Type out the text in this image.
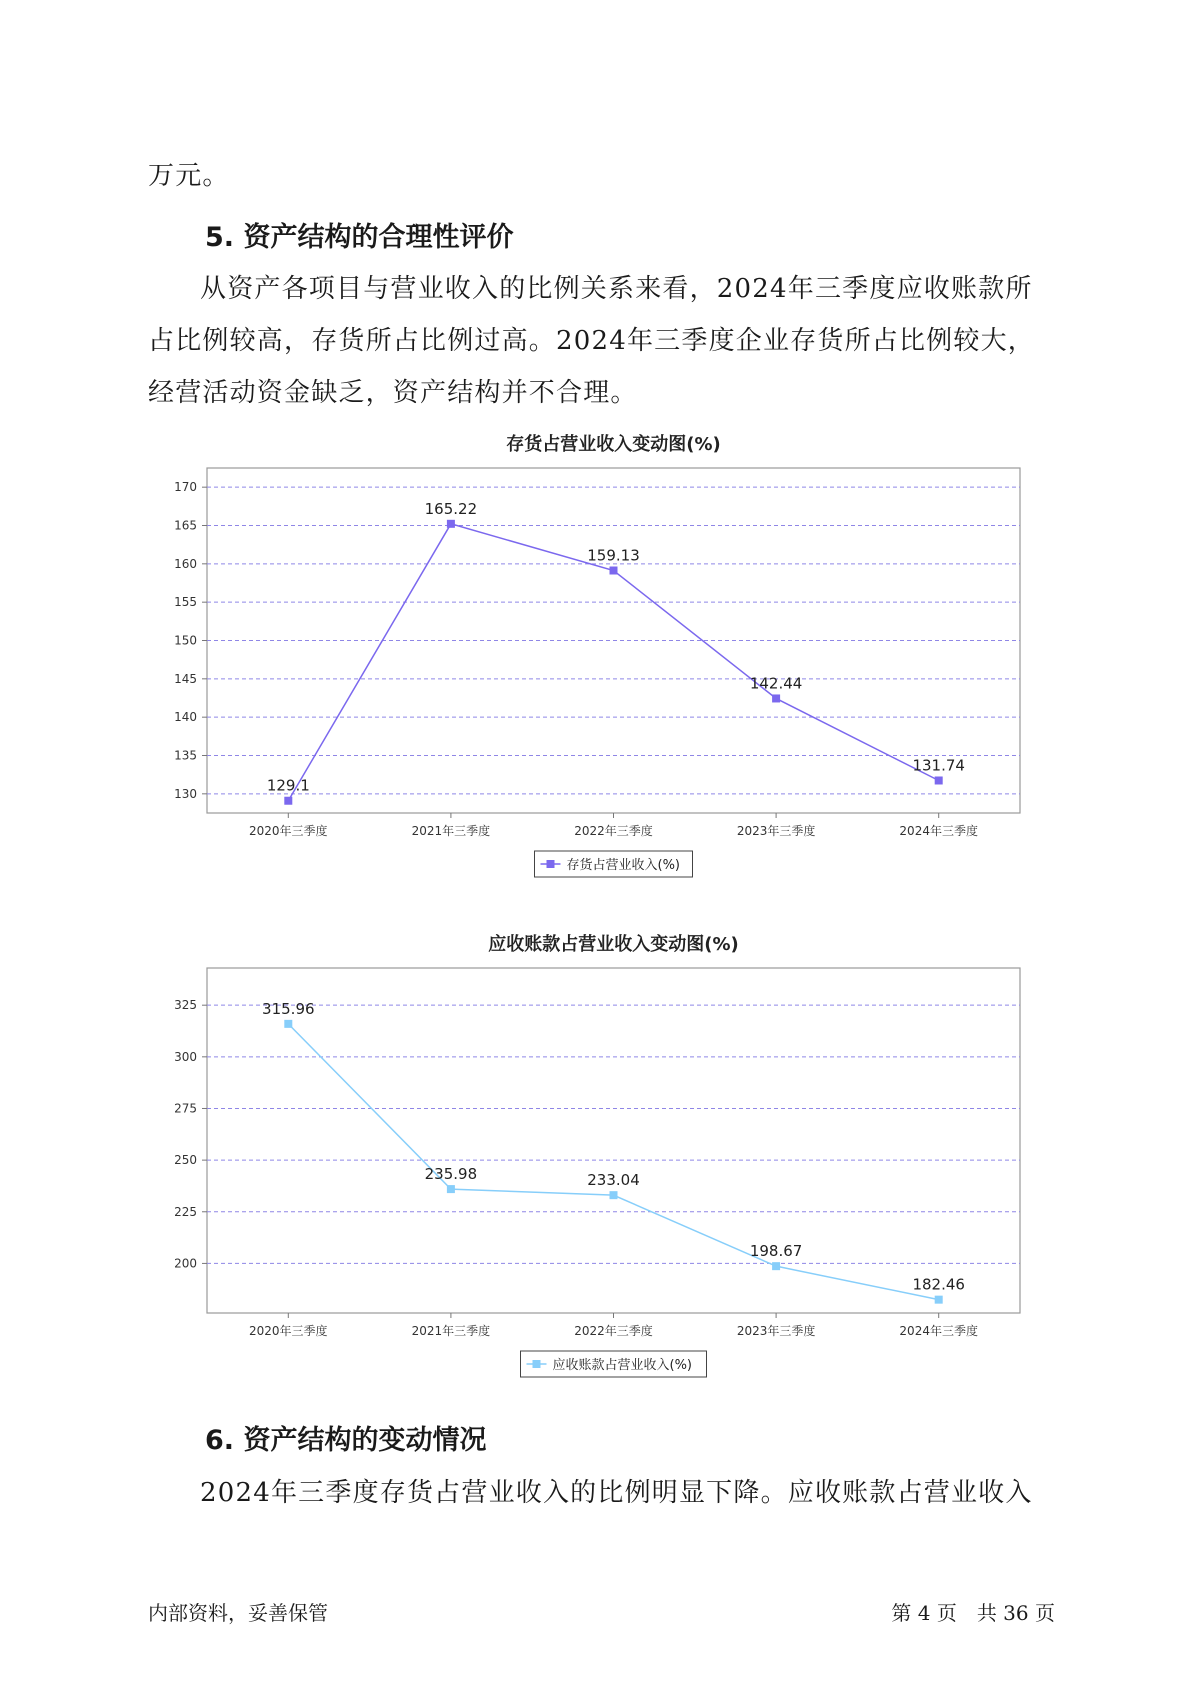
万元。
5. 资产结构的合理性评价
从资产各项目与营业收入的比例关系来看，2024年三季度应收账款所
占比例较高，存货所占比例过高。2024年三季度企业存货所占比例较大，
经营活动资金缺乏，资产结构并不合理。
存货占营业收入变动图(%)
130
135
140
145
150
155
160
165
170
2020年三季度	2021年三季度	2022年三季度	2023年三季度	2024年三季度
129.1
165.22
159.13
142.44
131.74
存货占营业收入(%)
应收账款占营业收入变动图(%)
200
225
250
275
300
325
2020年三季度	2021年三季度	2022年三季度	2023年三季度	2024年三季度
315.96
235.98	233.04
198.67
182.46
应收账款占营业收入(%)
6. 资产结构的变动情况
2024年三季度存货占营业收入的比例明显下降。应收账款占营业收入
内部资料，妥善保管	第 4 页　共 36 页
